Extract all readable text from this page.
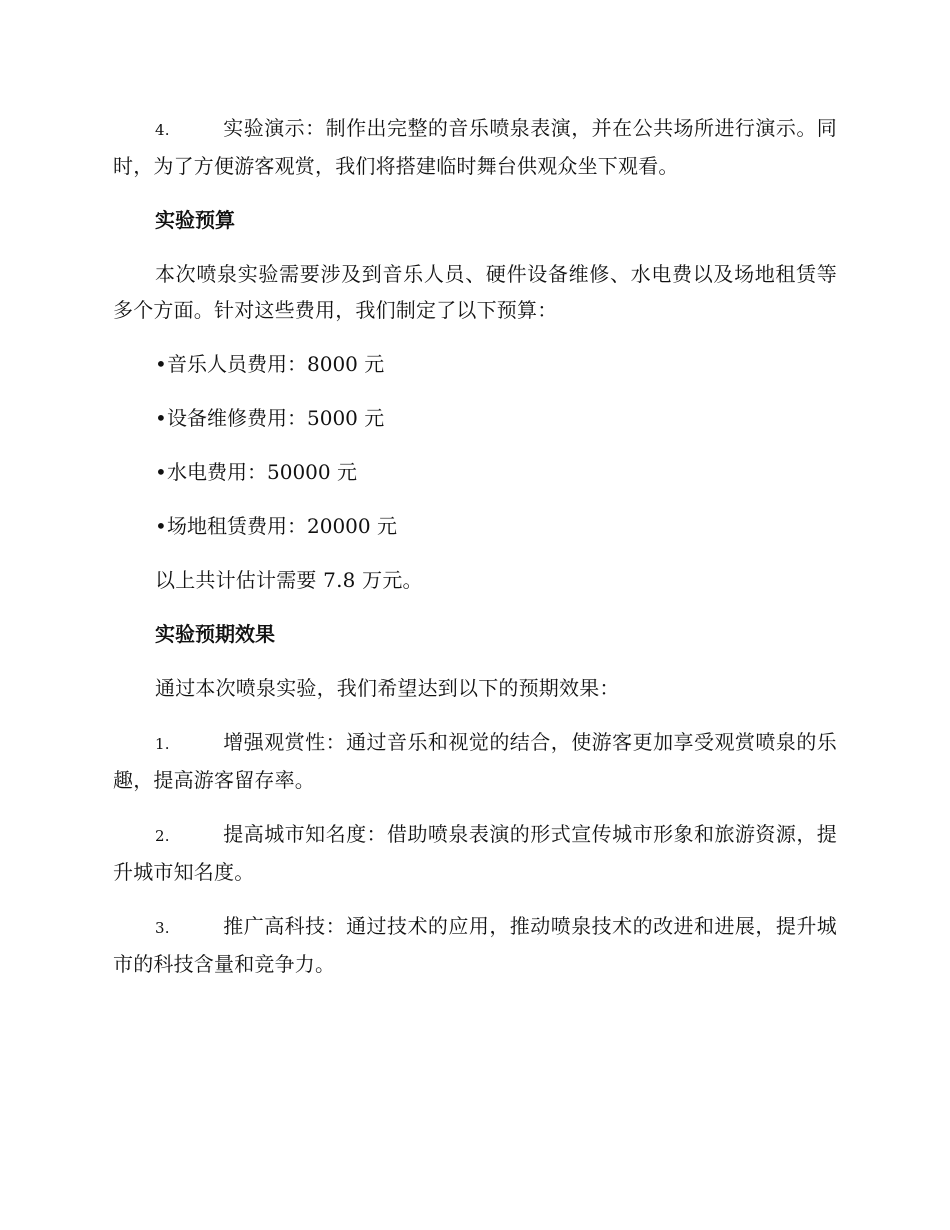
4.	实验演示：制作出完整的音乐喷泉表演，并在公共场所进行演示。同时，为了方便游客观赏，我们将搭建临时舞台供观众坐下观看。

实验预算

本次喷泉实验需要涉及到音乐人员、硬件设备维修、水电费以及场地租赁等多个方面。针对这些费用，我们制定了以下预算：

•音乐人员费用：8000 元

•设备维修费用：5000 元

•水电费用：50000 元

•场地租赁费用：20000 元

以上共计估计需要 7.8 万元。

实验预期效果

通过本次喷泉实验，我们希望达到以下的预期效果：

1.	增强观赏性：通过音乐和视觉的结合，使游客更加享受观赏喷泉的乐趣，提高游客留存率。

2.	提高城市知名度：借助喷泉表演的形式宣传城市形象和旅游资源，提升城市知名度。

3.	推广高科技：通过技术的应用，推动喷泉技术的改进和进展，提升城市的科技含量和竞争力。
